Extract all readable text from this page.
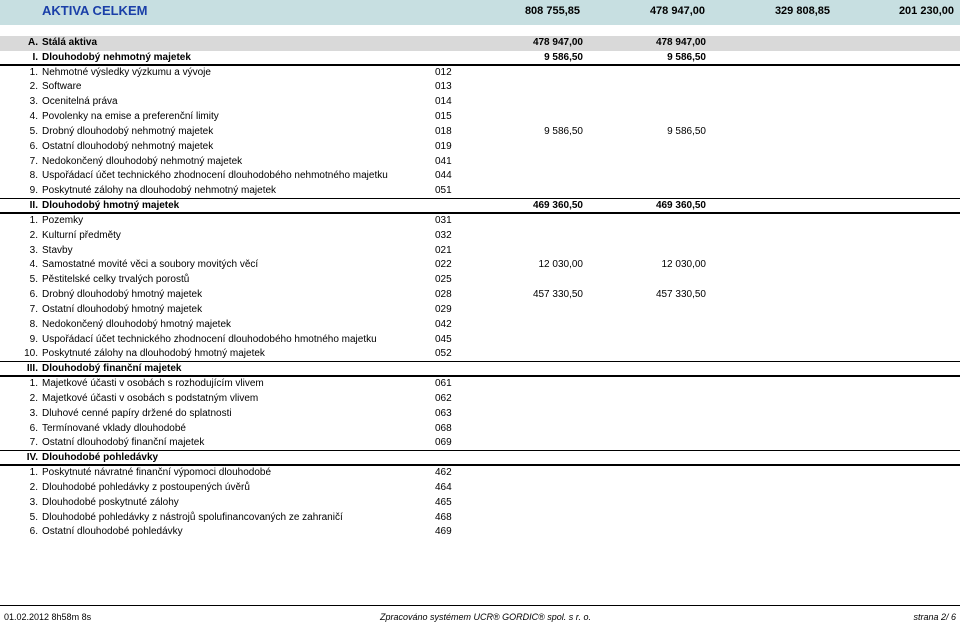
AKTIVA CELKEM	808 755,85	478 947,00	329 808,85	201 230,00
A. Stálá aktiva	478 947,00	478 947,00
I. Dlouhodobý nehmotný majetek	9 586,50	9 586,50
1. Nehmotné výsledky výzkumu a vývoje	012
2. Software	013
3. Ocenitelná práva	014
4. Povolenky na emise a preferenční limity	015
5. Drobný dlouhodobý nehmotný majetek	018	9 586,50	9 586,50
6. Ostatní dlouhodobý nehmotný majetek	019
7. Nedokončený dlouhodobý nehmotný majetek	041
8. Uspořádací účet technického zhodnocení dlouhodobého nehmotného majetku	044
9. Poskytnuté zálohy na dlouhodobý nehmotný majetek	051
II. Dlouhodobý hmotný majetek	469 360,50	469 360,50
1. Pozemky	031
2. Kulturní předměty	032
3. Stavby	021
4. Samostatné movité věci a soubory movitých věcí	022	12 030,00	12 030,00
5. Pěstitelské celky trvalých porostů	025
6. Drobný dlouhodobý hmotný majetek	028	457 330,50	457 330,50
7. Ostatní dlouhodobý hmotný majetek	029
8. Nedokončený dlouhodobý hmotný majetek	042
9. Uspořádací účet technického zhodnocení dlouhodobého hmotného majetku	045
10. Poskytnuté zálohy na dlouhodobý hmotný majetek	052
III. Dlouhodobý finanční majetek
1. Majetkové účasti v osobách s rozhodujícím vlivem	061
2. Majetkové účasti v osobách s podstatným vlivem	062
3. Dluhové cenné papíry držené do splatnosti	063
6. Termínované vklady dlouhodobé	068
7. Ostatní dlouhodobý finanční majetek	069
IV. Dlouhodobé pohledávky
1. Poskytnuté návratné finanční výpomoci dlouhodobé	462
2. Dlouhodobé pohledávky z postoupených úvěrů	464
3. Dlouhodobé poskytnuté zálohy	465
5. Dlouhodobé pohledávky z nástrojů spolufinancovaných ze zahraničí	468
6. Ostatní dlouhodobé pohledávky	469
01.02.2012 8h58m 8s	Zpracováno systémem UCR® GORDIC® spol. s r. o.	strana 2/ 6
